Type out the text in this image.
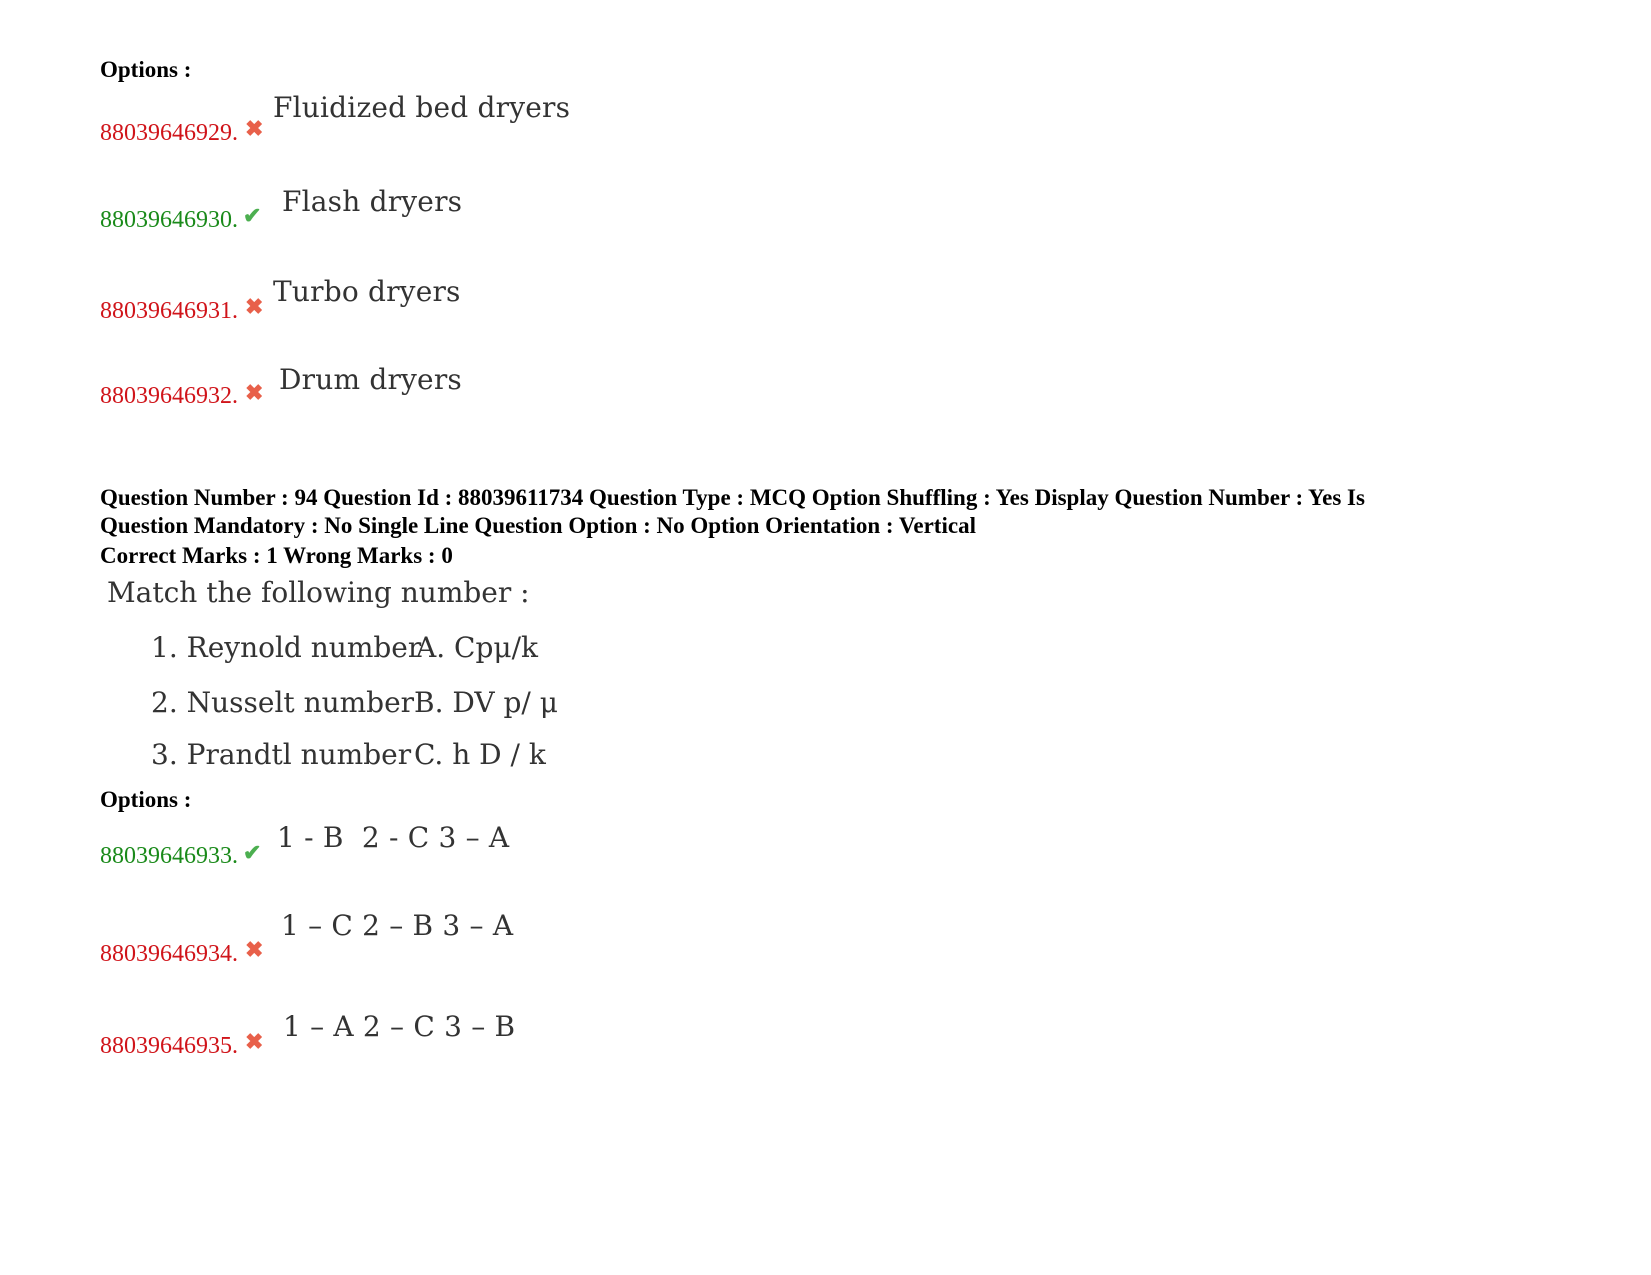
Options :
88039646929. ✖
Fluidized bed dryers
88039646930. ✔ Flash dryers
88039646931. ✖ Turbo dryers
88039646932. ✖ Drum dryers
Question Number : 94 Question Id : 88039611734 Question Type : MCQ Option Shuffling : Yes Display Question Number : Yes Is
Question Mandatory : No Single Line Question Option : No Option Orientation : Vertical
Correct Marks : 1 Wrong Marks : 0
Match the following number :
1. Reynold number
A. Cpμ/k
2. Nusselt number B. DV p/ μ
3. Prandtl number C. h D / k
Options :
88039646933. ✔ 1 - B  2 - C 3 – A
88039646934. ✖
1 – C 2 – B 3 – A
88039646935. ✖ 1 – A 2 – C 3 – B
